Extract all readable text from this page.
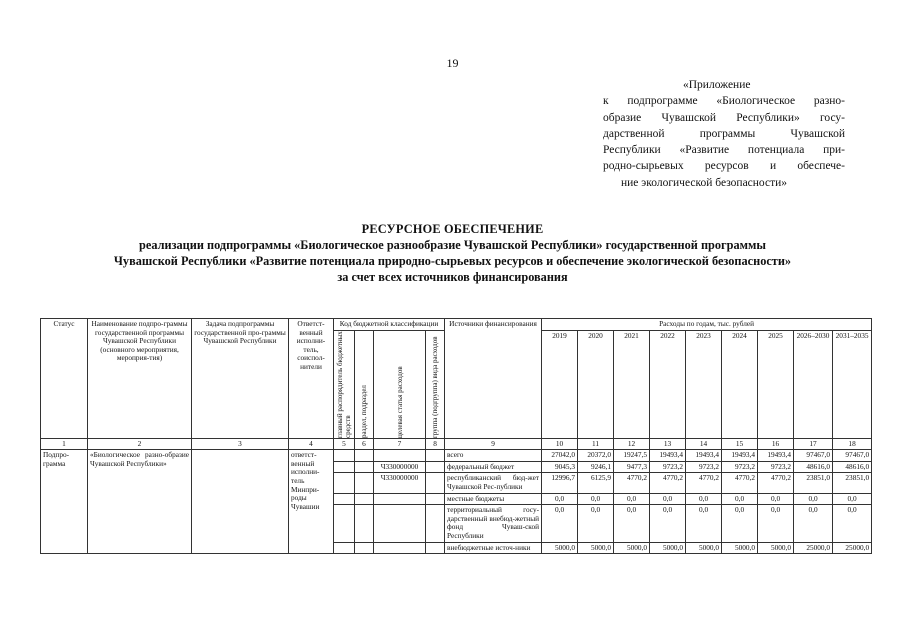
19
«Приложение
к подпрограмме «Биологическое разно-
образие Чувашской Республики» госу-
дарственной программы Чувашской
Республики «Развитие потенциала при-
родно-сырьевых ресурсов и обеспече-
ние экологической безопасности»
РЕСУРСНОЕ ОБЕСПЕЧЕНИЕ
реализации подпрограммы «Биологическое разнообразие Чувашской Республики» государственной программы
Чувашской Республики «Развитие потенциала природно-сырьевых ресурсов и обеспечение экологической безопасности»
за счет всех источников финансирования
Статус	Наименование подпро-граммы государственной программы Чувашской Республики (основного мероприятия, мероприя-тия)	Задача подпрограммы государственной про-граммы Чувашской Республики	Ответст-венный исполни-тель, соиспол-нители	Код бюджетной классификации				Источники финансирования	Расходы по годам, тыс. рублей								

				главный распорядитель бюджетных средств	раздел, подраздел	целевая статья расходов	группа (подгруппа) вида расходов		2019	2020	2021	2022	2023	2024	2025	2026–2030	2031–2035
1	2	3	4	5	6	7	8	9	10	11	12	13	14	15	16	17	18
Подпро-грамма	«Биологическое разно-образие Чувашской Республики»		ответст-венный исполни-тель Минпри-роды Чувашии					всего	27042,0	20372,0	19247,5	19493,4	19493,4	19493,4	19493,4	97467,0	97467,0
						Ч330000000		федеральный бюджет	9045,3	9246,1	9477,3	9723,2	9723,2	9723,2	9723,2	48616,0	48616,0
						Ч330000000		республиканский бюд-жет Чувашской Рес-публики	12996,7	6125,9	4770,2	4770,2	4770,2	4770,2	4770,2	23851,0	23851,0
								местные бюджеты	0,0	0,0	0,0	0,0	0,0	0,0	0,0	0,0	0,0
								территориальный госу-дарственный внебюд-жетный фонд Чуваш-ской Республики	0,0	0,0	0,0	0,0	0,0	0,0	0,0	0,0	0,0
								внебюджетные источ-ники	5000,0	5000,0	5000,0	5000,0	5000,0	5000,0	5000,0	25000,0	25000,0
